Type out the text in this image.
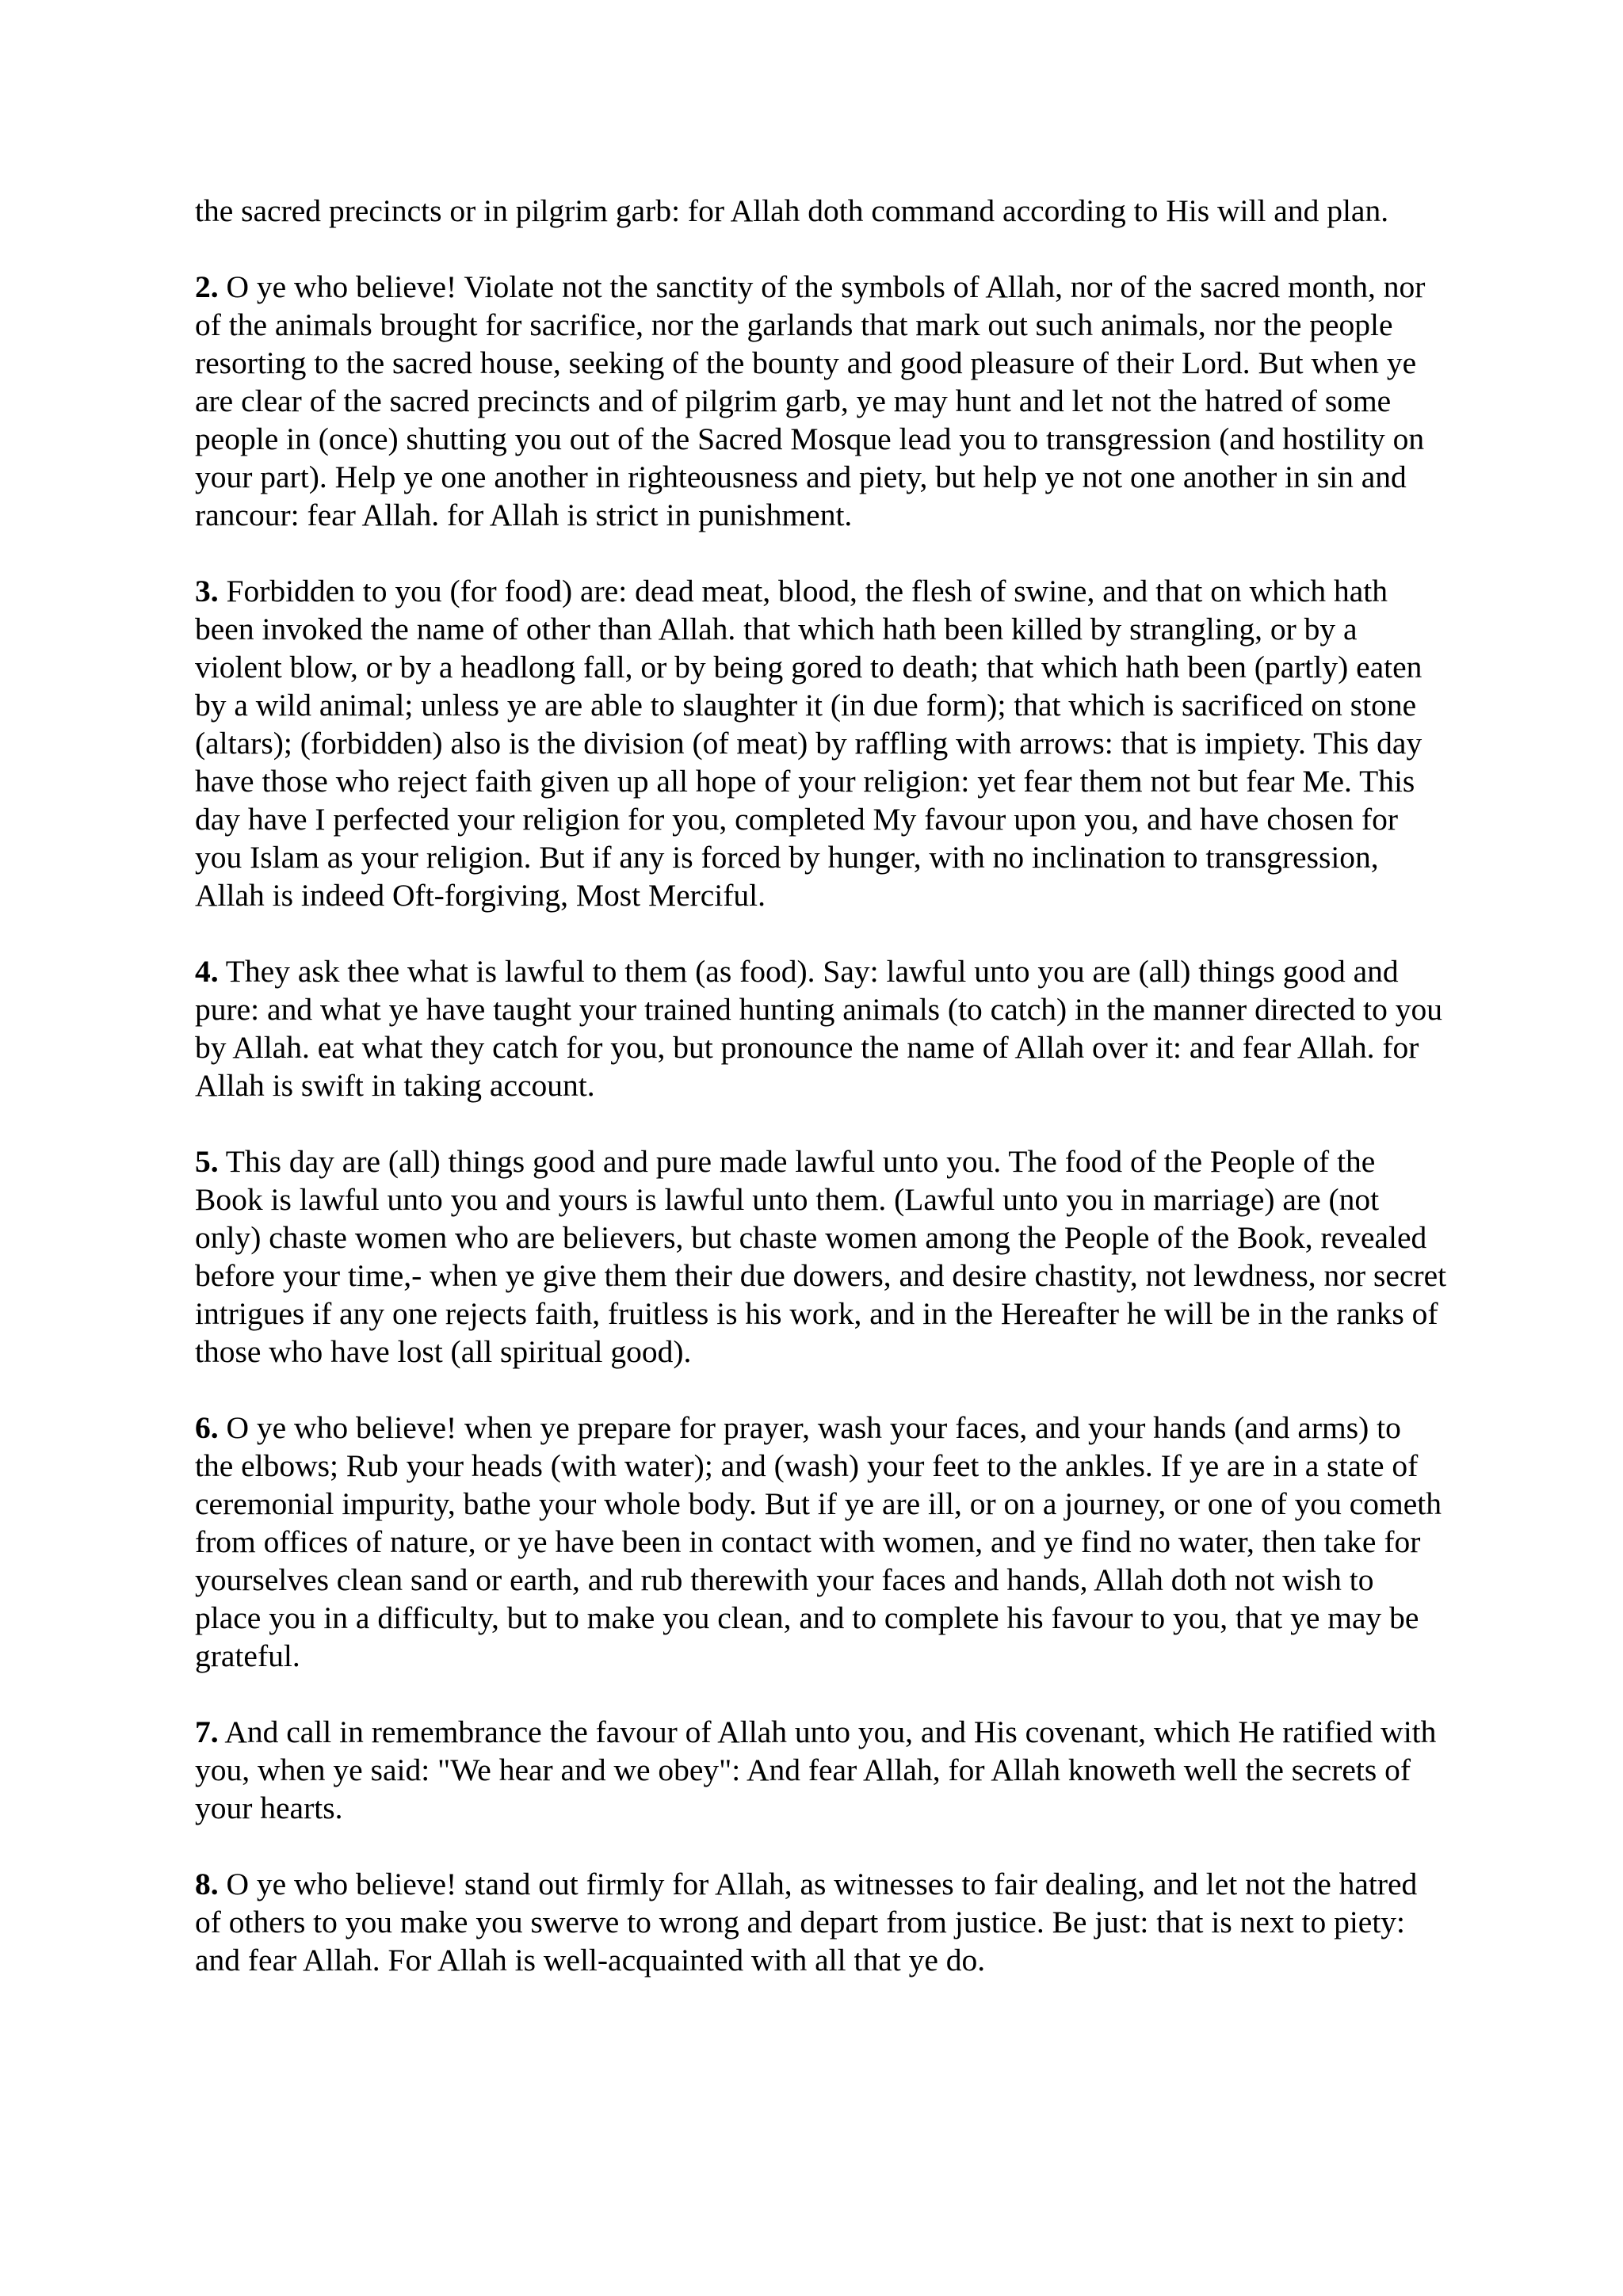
the sacred precincts or in pilgrim garb: for Allah doth command according to His will and plan.

2. O ye who believe! Violate not the sanctity of the symbols of Allah, nor of the sacred month, nor of the animals brought for sacrifice, nor the garlands that mark out such animals, nor the people resorting to the sacred house, seeking of the bounty and good pleasure of their Lord. But when ye are clear of the sacred precincts and of pilgrim garb, ye may hunt and let not the hatred of some people in (once) shutting you out of the Sacred Mosque lead you to transgression (and hostility on your part). Help ye one another in righteousness and piety, but help ye not one another in sin and rancour: fear Allah. for Allah is strict in punishment.

3. Forbidden to you (for food) are: dead meat, blood, the flesh of swine, and that on which hath been invoked the name of other than Allah. that which hath been killed by strangling, or by a violent blow, or by a headlong fall, or by being gored to death; that which hath been (partly) eaten by a wild animal; unless ye are able to slaughter it (in due form); that which is sacrificed on stone (altars); (forbidden) also is the division (of meat) by raffling with arrows: that is impiety. This day have those who reject faith given up all hope of your religion: yet fear them not but fear Me. This day have I perfected your religion for you, completed My favour upon you, and have chosen for you Islam as your religion. But if any is forced by hunger, with no inclination to transgression, Allah is indeed Oft-forgiving, Most Merciful.

4. They ask thee what is lawful to them (as food). Say: lawful unto you are (all) things good and pure: and what ye have taught your trained hunting animals (to catch) in the manner directed to you by Allah. eat what they catch for you, but pronounce the name of Allah over it: and fear Allah. for Allah is swift in taking account.

5. This day are (all) things good and pure made lawful unto you. The food of the People of the Book is lawful unto you and yours is lawful unto them. (Lawful unto you in marriage) are (not only) chaste women who are believers, but chaste women among the People of the Book, revealed before your time,- when ye give them their due dowers, and desire chastity, not lewdness, nor secret intrigues if any one rejects faith, fruitless is his work, and in the Hereafter he will be in the ranks of those who have lost (all spiritual good).

6. O ye who believe! when ye prepare for prayer, wash your faces, and your hands (and arms) to the elbows; Rub your heads (with water); and (wash) your feet to the ankles. If ye are in a state of ceremonial impurity, bathe your whole body. But if ye are ill, or on a journey, or one of you cometh from offices of nature, or ye have been in contact with women, and ye find no water, then take for yourselves clean sand or earth, and rub therewith your faces and hands, Allah doth not wish to place you in a difficulty, but to make you clean, and to complete his favour to you, that ye may be grateful.

7. And call in remembrance the favour of Allah unto you, and His covenant, which He ratified with you, when ye said: "We hear and we obey": And fear Allah, for Allah knoweth well the secrets of your hearts.

8. O ye who believe! stand out firmly for Allah, as witnesses to fair dealing, and let not the hatred of others to you make you swerve to wrong and depart from justice. Be just: that is next to piety: and fear Allah. For Allah is well-acquainted with all that ye do.
